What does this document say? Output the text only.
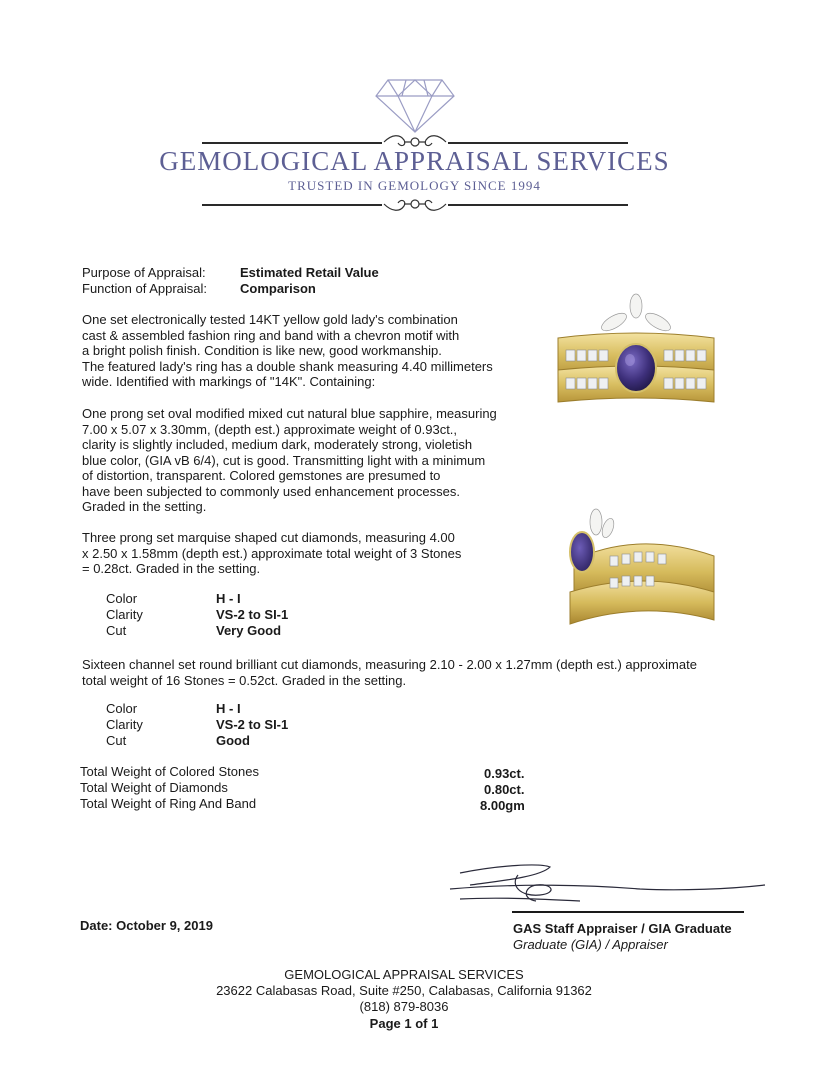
GEMOLOGICAL APPRAISAL SERVICES
TRUSTED IN GEMOLOGY SINCE 1994
Purpose of Appraisal:	Estimated Retail Value
Function of Appraisal:	Comparison
One set electronically tested 14KT yellow gold lady's combination
cast & assembled fashion ring and band with a chevron motif with
a bright polish finish. Condition is like new, good workmanship.
The featured lady's ring has a double shank measuring 4.40 millimeters
wide. Identified with markings of "14K". Containing:
One prong set oval modified mixed cut natural blue sapphire, measuring
7.00 x 5.07 x 3.30mm, (depth est.) approximate weight of 0.93ct.,
clarity is slightly included, medium dark, moderately strong, violetish
blue color, (GIA vB 6/4), cut is good. Transmitting light with a minimum
of distortion, transparent. Colored gemstones are presumed to
have been subjected to commonly used enhancement processes.
Graded in the setting.
Three prong set marquise shaped cut diamonds, measuring 4.00
x 2.50 x 1.58mm (depth est.) approximate total weight of 3 Stones
= 0.28ct. Graded in the setting.
Color	H - I
Clarity	VS-2 to SI-1
Cut	Very Good
Sixteen channel set round brilliant cut diamonds, measuring 2.10 - 2.00 x 1.27mm (depth est.) approximate
total weight of 16 Stones = 0.52ct. Graded in the setting.
Color	H - I
Clarity	VS-2 to SI-1
Cut	Good
Total Weight of Colored Stones	0.93ct.
Total Weight of Diamonds	0.80ct.
Total Weight of Ring And Band	8.00gm
Date: October 9, 2019	GAS Staff Appraiser / GIA Graduate
Graduate (GIA) / Appraiser
GEMOLOGICAL APPRAISAL SERVICES
23622 Calabasas Road, Suite #250, Calabasas, California 91362
(818) 879-8036
Page 1 of 1
